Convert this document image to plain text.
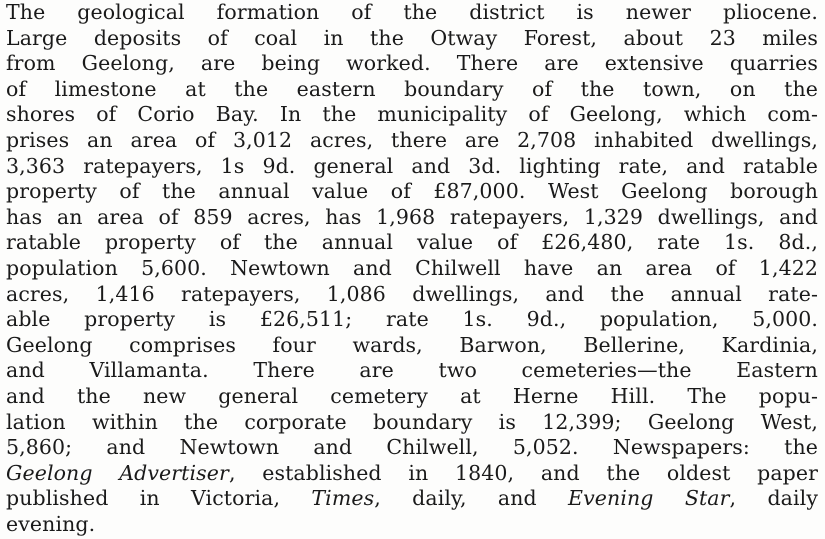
The geological formation of the district is newer pliocene.
Large deposits of coal in the Otway Forest, about 23 miles
from Geelong, are being worked. There are extensive quarries
of limestone at the eastern boundary of the town, on the
shores of Corio Bay. In the municipality of Geelong, which com-
prises an area of 3,012 acres, there are 2,708 inhabited dwellings,
3,363 ratepayers, 1s 9d. general and 3d. lighting rate, and ratable
property of the annual value of £87,000. West Geelong borough
has an area of 859 acres, has 1,968 ratepayers, 1,329 dwellings, and
ratable property of the annual value of £26,480, rate 1s. 8d.,
population 5,600. Newtown and Chilwell have an area of 1,422
acres, 1,416 ratepayers, 1,086 dwellings, and the annual rate-
able property is £26,511; rate 1s. 9d., population, 5,000.
Geelong comprises four wards, Barwon, Bellerine, Kardinia,
and Villamanta. There are two cemeteries—the Eastern
and the new general cemetery at Herne Hill. The popu-
lation within the corporate boundary is 12,399; Geelong West,
5,860; and Newtown and Chilwell, 5,052. Newspapers: the
Geelong Advertiser, established in 1840, and the oldest paper
published in Victoria, Times, daily, and Evening Star, daily
evening.
